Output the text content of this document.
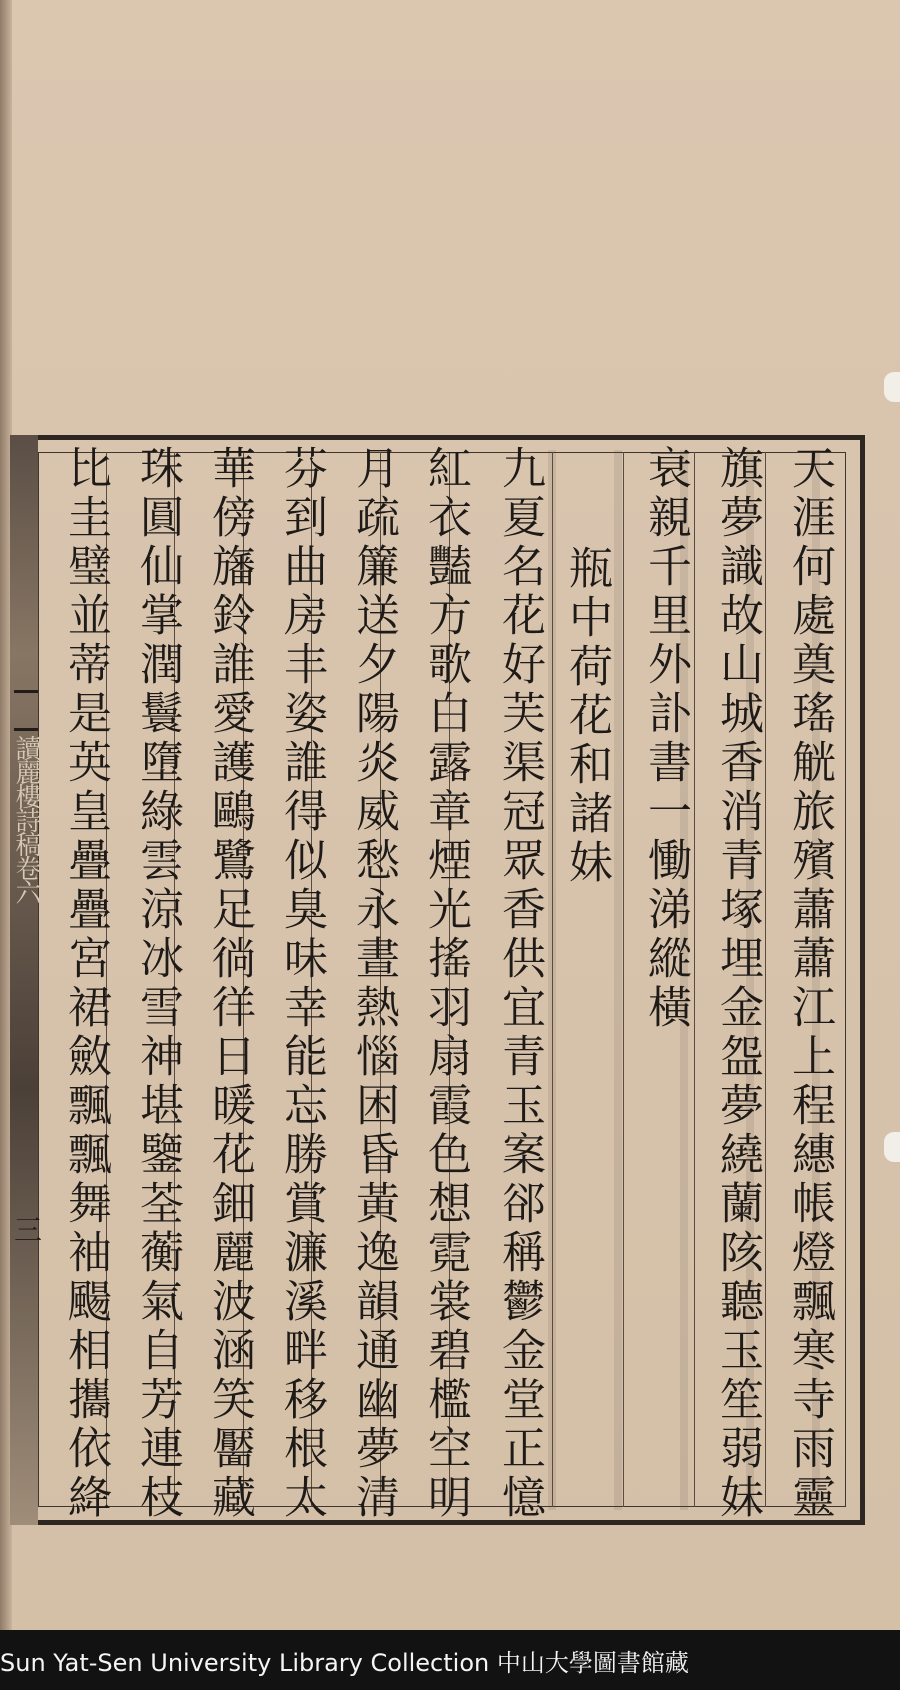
讀麗樓詩稿卷六
三	天涯何處奠瑤觥旅殯蕭蕭江上程繐帳燈飄寒寺雨靈
旗夢識故山城香消青塚埋金盌夢繞蘭陔聽玉笙弱妹
衰親千里外訃書一慟涕縱橫
瓶中荷花和諸妹
九夏名花好芙渠冠眾香供宜青玉案郤稱鬱金堂正憶
紅衣豔方歌白露章煙光搖羽扇霞色想霓裳碧檻空明
月疏簾送夕陽炎威愁永晝熱惱困昏黃逸韻通幽夢清
芬到曲房丰姿誰得似臭味幸能忘勝賞濂溪畔移根太
華傍旛鈴誰愛護鷗鷺足徜徉日暖花鈿麗波涵笑靨藏
珠圓仙掌潤鬟墮綠雲涼冰雪神堪鑒荃蘅氣自芳連枝
比圭璧並蒂是英皇疊疊宮裙斂飄飄舞袖颺相攜依絳
Sun Yat-Sen University Library Collection 中山大學圖書館藏
